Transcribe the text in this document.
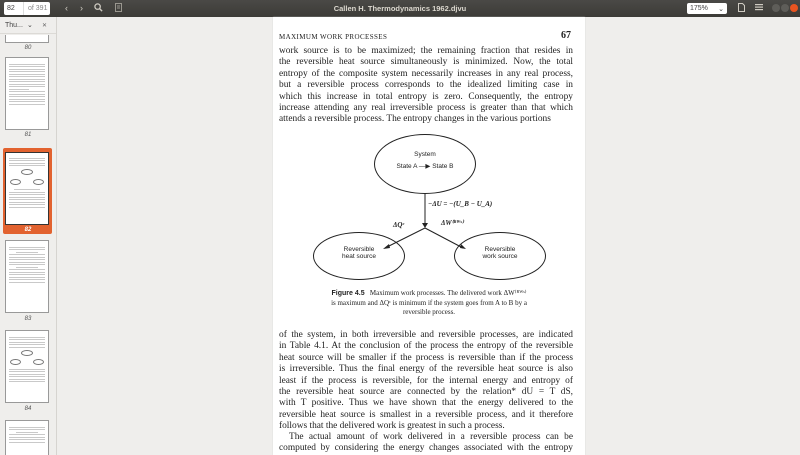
82	of 391	‹	›	Callen H. Thermodynamics 1962.djvu	175% ⌄
Thu... ⌄	✕
80
81
82
83
84
MAXIMUM WORK PROCESSES	67
work source is to be maximized; the remaining fraction that resides in
the reversible heat source simultaneously is minimized. Now, the total
entropy of the composite system necessarily increases in any real process,
but a reversible process corresponds to the idealized limiting case in
which this increase in total entropy is zero. Consequently, the entropy
increase attending any real irreversible process is greater than that which
attends a reversible process. The entropy changes in the various portions
System
State A —▶ State B
−ΔU = −(U_B − U_A)
ΔQᶜ	ΔW⁽ᴿᵂˢ⁾
Reversible
heat source
Reversible
work source
Figure 4.5 Maximum work processes. The delivered work ΔW⁽ᴿᵂˢ⁾
is maximum and ΔQᶜ is minimum if the system goes from A to B by a
reversible process.
of the system, in both irreversible and reversible processes, are indicated
in Table 4.1. At the conclusion of the process the entropy of the reversible
heat source will be smaller if the process is reversible than if the process
is irreversible. Thus the final energy of the reversible heat source is also
least if the process is reversible, for the internal energy and entropy of
the reversible heat source are connected by the relation* dU = T dS,
with T positive. Thus we have shown that the energy delivered to the
reversible heat source is smallest in a reversible process, and it therefore
follows that the delivered work is greatest in such a process.
The actual amount of work delivered in a reversible process can be
computed by considering the energy changes associated with the entropy
